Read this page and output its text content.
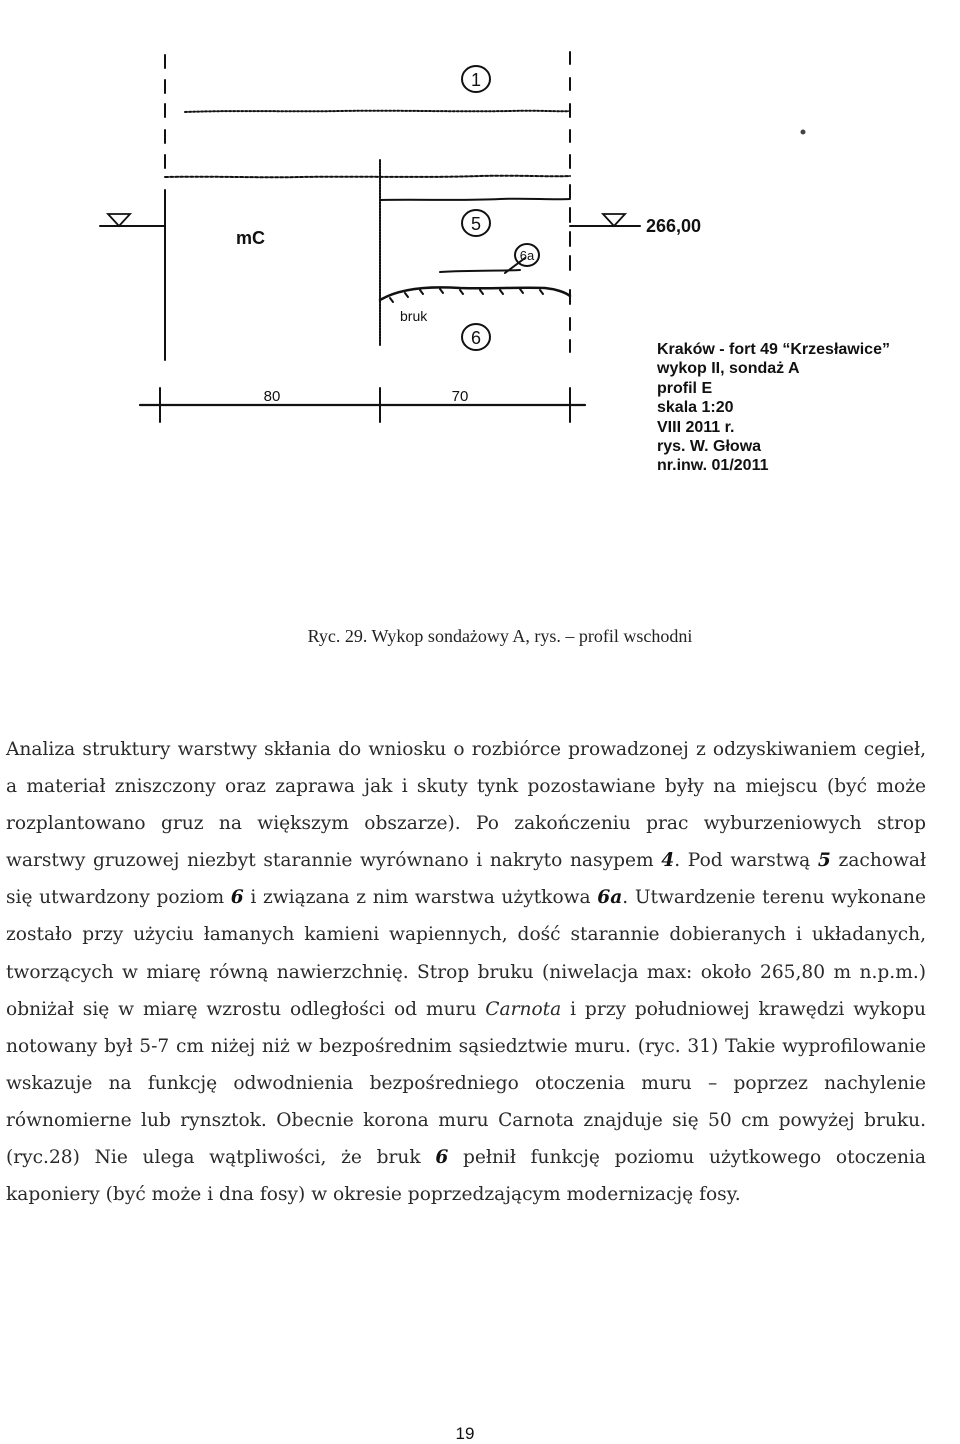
1
5
6
6a
mC
bruk
266,00
80	70
Kraków - fort 49 “Krzesławice”
wykop II, sondaż A
profil E
skala 1:20
VIII 2011 r.
rys. W. Głowa
nr.inw. 01/2011
Ryc. 29. Wykop sondażowy A, rys. – profil wschodni

Analiza struktury warstwy skłania do wniosku o rozbiórce prowadzonej z odzyskiwaniem cegieł, a materiał zniszczony oraz zaprawa jak i skuty tynk pozostawiane były na miejscu (być może rozplantowano gruz na większym obszarze). Po zakończeniu prac wyburzeniowych strop warstwy gruzowej niezbyt starannie wyrównano i nakryto nasypem 4. Pod warstwą 5 zachował się utwardzony poziom 6 i związana z nim warstwa użytkowa 6a. Utwardzenie terenu wykonane zostało przy użyciu łamanych kamieni wapiennych, dość starannie dobieranych i układanych, tworzących w miarę równą nawierzchnię. Strop bruku (niwelacja max: około 265,80 m n.p.m.) obniżał się w miarę wzrostu odległości od muru Carnota i przy południowej krawędzi wykopu notowany był 5-7 cm niżej niż w bezpośrednim sąsiedztwie muru. (ryc. 31) Takie wyprofilowanie wskazuje na funkcję odwodnienia bezpośredniego otoczenia muru – poprzez nachylenie równomierne lub rynsztok. Obecnie korona muru Carnota znajduje się 50 cm powyżej bruku. (ryc.28) Nie ulega wątpliwości, że bruk 6 pełnił funkcję poziomu użytkowego otoczenia kaponiery (być może i dna fosy) w okresie poprzedzającym modernizację fosy.

19
